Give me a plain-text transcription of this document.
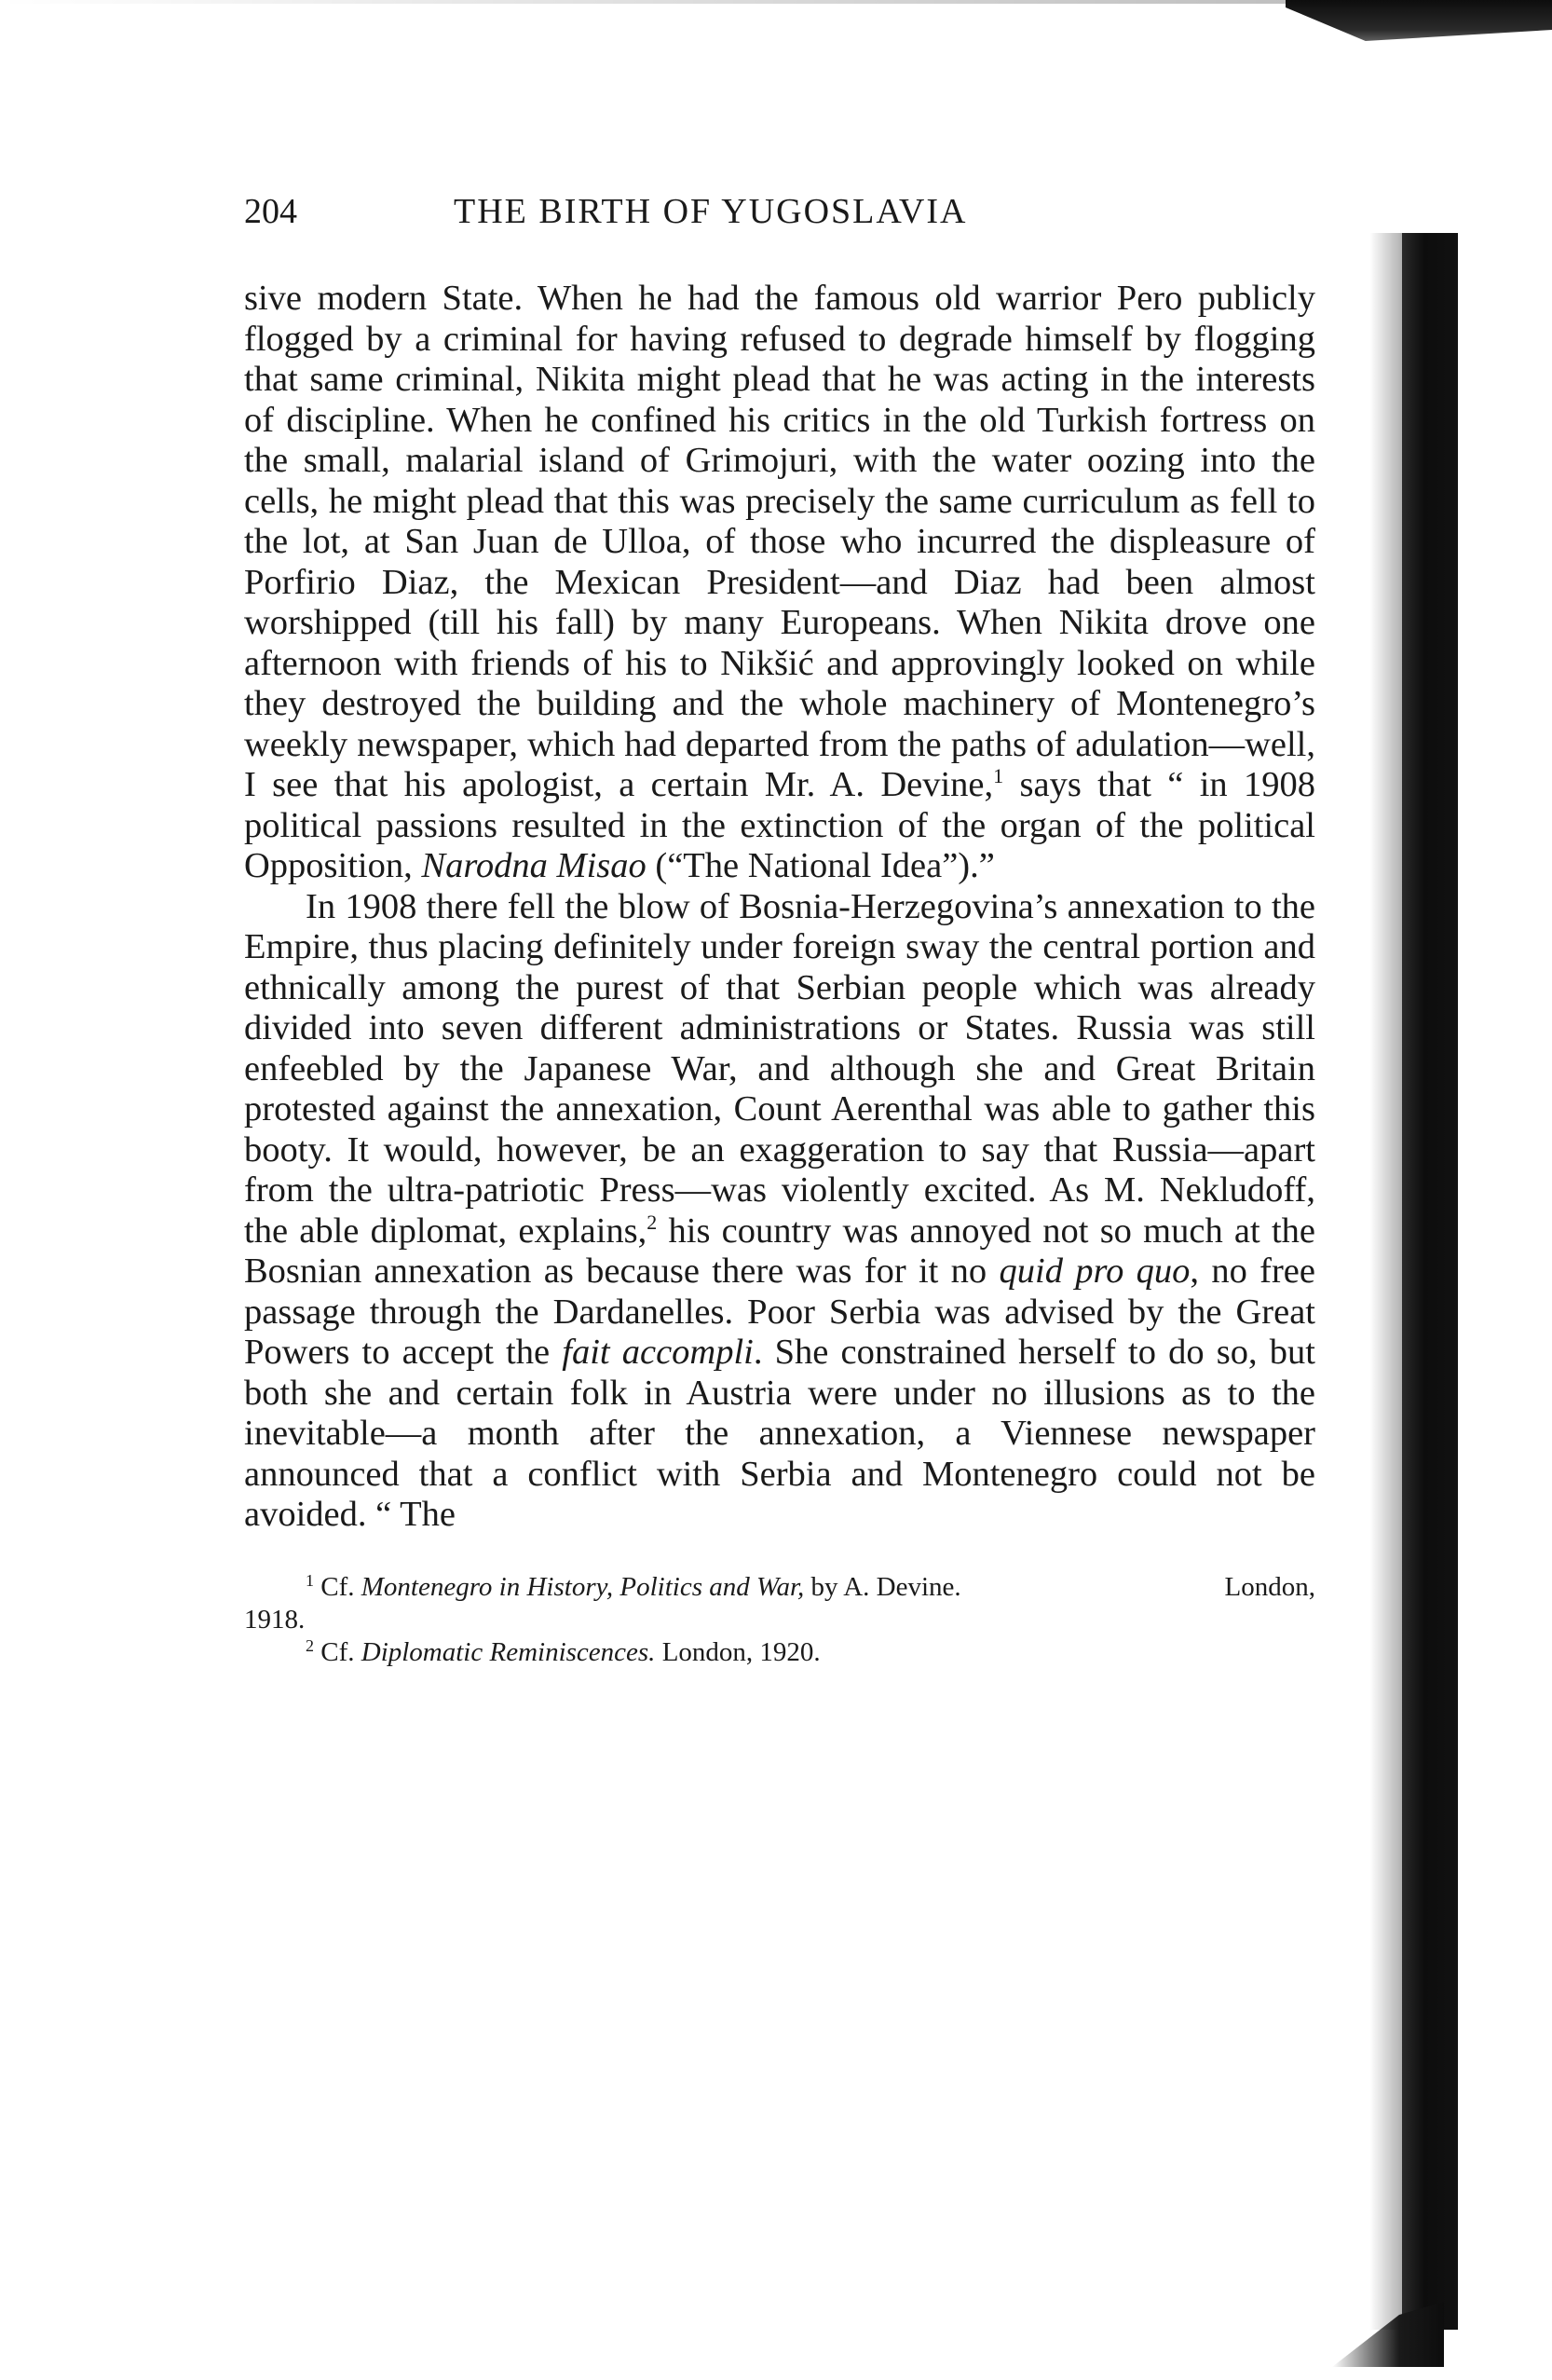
204	THE BIRTH OF YUGOSLAVIA

sive modern State. When he had the famous old warrior Pero publicly flogged by a criminal for having refused to degrade himself by flogging that same criminal, Nikita might plead that he was acting in the interests of discipline. When he confined his critics in the old Turkish fortress on the small, malarial island of Grimojuri, with the water oozing into the cells, he might plead that this was precisely the same curriculum as fell to the lot, at San Juan de Ulloa, of those who incurred the displeasure of Porfirio Diaz, the Mexican President—and Diaz had been almost worshipped (till his fall) by many Europeans. When Nikita drove one afternoon with friends of his to Nikšić and approvingly looked on while they destroyed the building and the whole machinery of Montenegro’s weekly newspaper, which had departed from the paths of adulation—well, I see that his apologist, a certain Mr. A. Devine,$^1$ says that “ in 1908 political passions resulted in the extinction of the organ of the political Opposition, Narodna Misao (“The National Idea”).”

In 1908 there fell the blow of Bosnia-Herzegovina’s annexation to the Empire, thus placing definitely under foreign sway the central portion and ethnically among the purest of that Serbian people which was already divided into seven different administrations or States. Russia was still enfeebled by the Japanese War, and although she and Great Britain protested against the annexation, Count Aerenthal was able to gather this booty. It would, however, be an exaggeration to say that Russia—apart from the ultra-patriotic Press—was violently excited. As M. Nekludoff, the able diplomat, explains,$^2$ his country was annoyed not so much at the Bosnian annexation as because there was for it no quid pro quo, no free passage through the Dardanelles. Poor Serbia was advised by the Great Powers to accept the fait accompli. She constrained herself to do so, but both she and certain folk in Austria were under no illusions as to the inevitable—a month after the annexation, a Viennese newspaper announced that a conflict with Serbia and Montenegro could not be avoided. “ The

$^1$ Cf. Montenegro in History, Politics and War, by A. Devine.	London,
1918.

$^2$ Cf. Diplomatic Reminiscences. London, 1920.
